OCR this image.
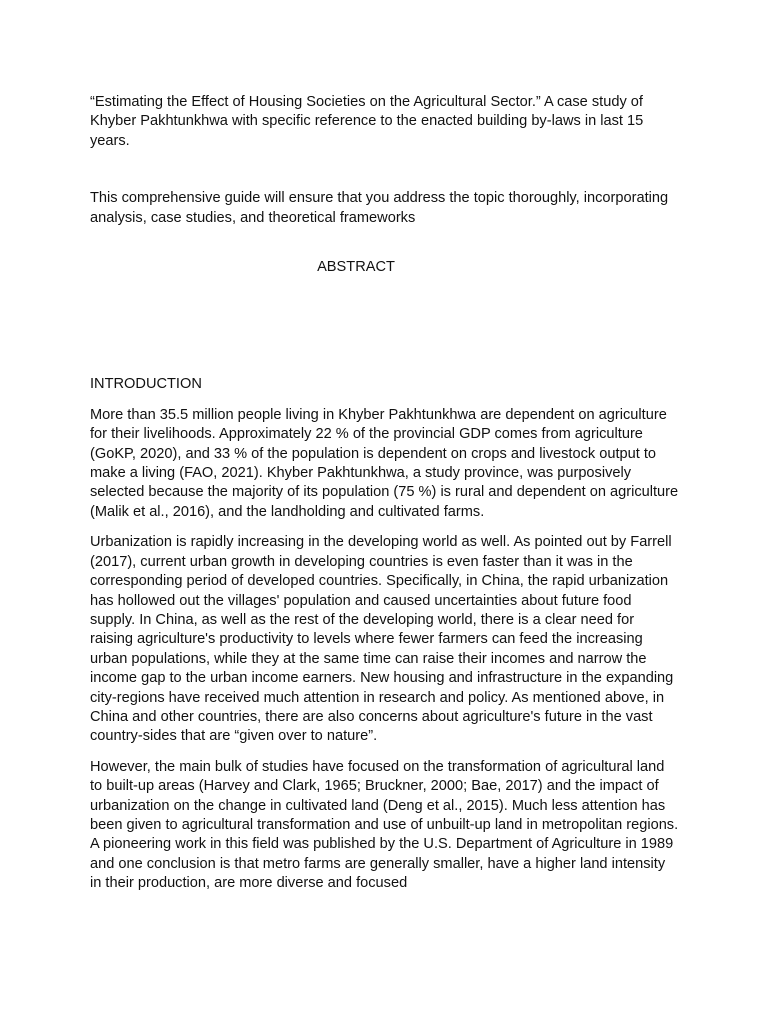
“Estimating the Effect of Housing Societies on the Agricultural Sector.” A case study of Khyber Pakhtunkhwa with specific reference to the enacted building by-laws in last 15 years.

This comprehensive guide will ensure that you address the topic thoroughly, incorporating analysis, case studies, and theoretical frameworks

ABSTRACT

INTRODUCTION

More than 35.5 million people living in Khyber Pakhtunkhwa are dependent on agriculture for their livelihoods. Approximately 22 % of the provincial GDP comes from agriculture (GoKP, 2020), and 33 % of the population is dependent on crops and livestock output to make a living (FAO, 2021). Khyber Pakhtunkhwa, a study province, was purposively selected because the majority of its population (75 %) is rural and dependent on agriculture (Malik et al., 2016), and the landholding and cultivated farms.

Urbanization is rapidly increasing in the developing world as well. As pointed out by Farrell (2017), current urban growth in developing countries is even faster than it was in the corresponding period of developed countries. Specifically, in China, the rapid urbanization has hollowed out the villages' population and caused uncertainties about future food supply. In China, as well as the rest of the developing world, there is a clear need for raising agriculture's productivity to levels where fewer farmers can feed the increasing urban populations, while they at the same time can raise their incomes and narrow the income gap to the urban income earners. New housing and infrastructure in the expanding city-regions have received much attention in research and policy. As mentioned above, in China and other countries, there are also concerns about agriculture's future in the vast country-sides that are “given over to nature”.

However, the main bulk of studies have focused on the transformation of agricultural land to built-up areas (Harvey and Clark, 1965; Bruckner, 2000; Bae, 2017) and the impact of urbanization on the change in cultivated land (Deng et al., 2015). Much less attention has been given to agricultural transformation and use of unbuilt-up land in metropolitan regions. A pioneering work in this field was published by the U.S. Department of Agriculture in 1989 and one conclusion is that metro farms are generally smaller, have a higher land intensity in their production, are more diverse and focused
